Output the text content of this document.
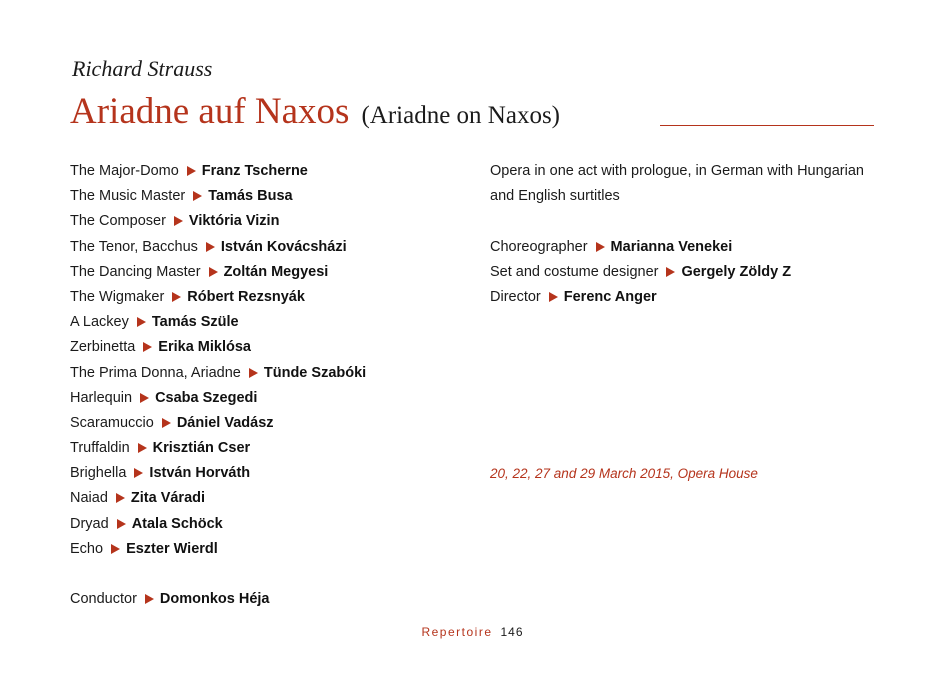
Richard Strauss
Ariadne auf Naxos (Ariadne on Naxos)
The Major-Domo Franz Tscherne
The Music Master Tamás Busa
The Composer Viktória Vizin
The Tenor, Bacchus István Kovácsházi
The Dancing Master Zoltán Megyesi
The Wigmaker Róbert Rezsnyák
A Lackey Tamás Szüle
Zerbinetta Erika Miklósa
The Prima Donna, Ariadne Tünde Szabóki
Harlequin Csaba Szegedi
Scaramuccio Dániel Vadász
Truffaldin Krisztián Cser
Brighella István Horváth
Naiad Zita Váradi
Dryad Atala Schöck
Echo Eszter Wierdl
Conductor Domonkos Héja
Opera in one act with prologue, in German with Hungarian and English surtitles
Choreographer Marianna Venekei
Set and costume designer Gergely Zöldy Z
Director Ferenc Anger
20, 22, 27 and 29 March 2015, Opera House
Repertoire 146
